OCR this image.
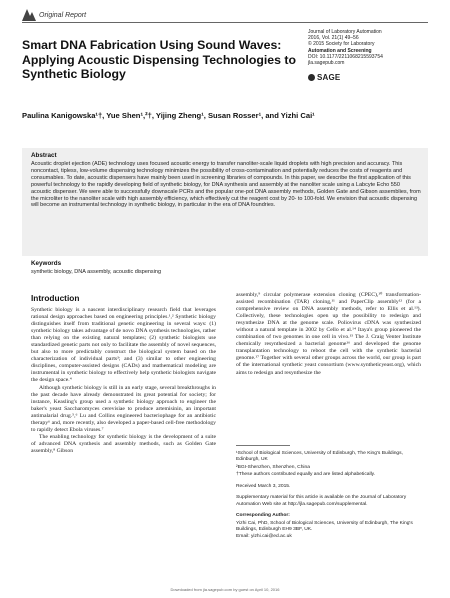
Original Report
Smart DNA Fabrication Using Sound Waves: Applying Acoustic Dispensing Technologies to Synthetic Biology
Journal of Laboratory Automation
2016, Vol. 21(1) 49–56
© 2015 Society for Laboratory
Automation and Screening
DOI: 10.1177/2211068215593754
jla.sagepub.com
SAGE
Paulina Kanigowska¹†, Yue Shen¹,²†, Yijing Zheng¹, Susan Rosser¹, and Yizhi Cai¹
Abstract
Acoustic droplet ejection (ADE) technology uses focused acoustic energy to transfer nanoliter-scale liquid droplets with high precision and accuracy. This noncontact, tipless, low-volume dispensing technology minimizes the possibility of cross-contamination and potentially reduces the costs of reagents and consumables. To date, acoustic dispensers have mainly been used in screening libraries of compounds. In this paper, we describe the first application of this powerful technology to the rapidly developing field of synthetic biology, for DNA synthesis and assembly at the nanoliter scale using a Labcyte Echo 550 acoustic dispenser. We were able to successfully downscale PCRs and the popular one-pot DNA assembly methods, Golden Gate and Gibson assemblies, from the microliter to the nanoliter scale with high assembly efficiency, which effectively cut the reagent cost by 20- to 100-fold. We envision that acoustic dispensing will become an instrumental technology in synthetic biology, in particular in the era of DNA foundries.
Keywords
synthetic biology, DNA assembly, acoustic dispensing
Introduction

Synthetic biology is a nascent interdisciplinary research field that leverages rational design approaches based on engineering principles.¹,² Synthetic biology distinguishes itself from traditional genetic engineering in several ways: (1) synthetic biology takes advantage of de novo DNA synthesis technologies, rather than relying on the existing natural templates; (2) synthetic biologists use standardized genetic parts not only to facilitate the assembly of novel sequences, but also to more predictably construct the biological system based on the characterization of individual parts³; and (3) similar to other engineering disciplines, computer-assisted designs (CADs) and mathematical modeling are instrumental in synthetic biology to effectively help synthetic biologists navigate the design space.⁴

Although synthetic biology is still in an early stage, several breakthroughs in the past decade have already demonstrated its great potential for society; for instance, Keasling's group used a synthetic biology approach to engineer the baker's yeast Saccharomyces cerevisiae to produce artemisinin, an important antimalarial drug.⁵,⁶ Lu and Collins engineered bacteriophage for an antibiotic therapy⁶ and, more recently, also developed a paper-based cell-free methodology to rapidly detect Ebola viruses.⁷

The enabling technology for synthetic biology is the development of a suite of advanced DNA synthesis and assembly methods, such as Golden Gate assembly,⁸ Gibson

assembly,⁹ circular polymerase extension cloning (CPEC),¹⁰ transformation-assisted recombination (TAR) cloning,¹¹ and PaperClip assembly¹² (for a comprehensive review on DNA assembly methods, refer to Ellis et al.¹³). Collectively, these technologies open up the possibility to redesign and resynthesize DNA at the genome scale. Poliovirus cDNA was synthesized without a natural template in 2002 by Cello et al.¹⁴ Itaya's group pioneered the combination of two genomes in one cell in vivo.¹⁵ The J. Craig Venter Institute chemically resynthesized a bacterial genome¹⁶ and developed the genome transplantation technology to reboot the cell with the synthetic bacterial genome.¹⁷ Together with several other groups across the world, our group is part of the international synthetic yeast consortium (www.syntheticyeast.org), which aims to redesign and resynthesize the

¹School of Biological Sciences, University of Edinburgh, The King's Buildings, Edinburgh, UK

²BGI-Shenzhen, Shenzhen, China

†These authors contributed equally and are listed alphabetically.

Received March 3, 2015.

Supplementary material for this article is available on the Journal of Laboratory Automation Web site at http://jla.sagepub.com/supplemental.

Corresponding Author:

Yizhi Cai, PhD, School of Biological Sciences, University of Edinburgh, The King's Buildings, Edinburgh EH9 3BF, UK.

Email: yizhi.cai@ed.ac.uk

Downloaded from jla.sagepub.com by guest on April 10, 2016
